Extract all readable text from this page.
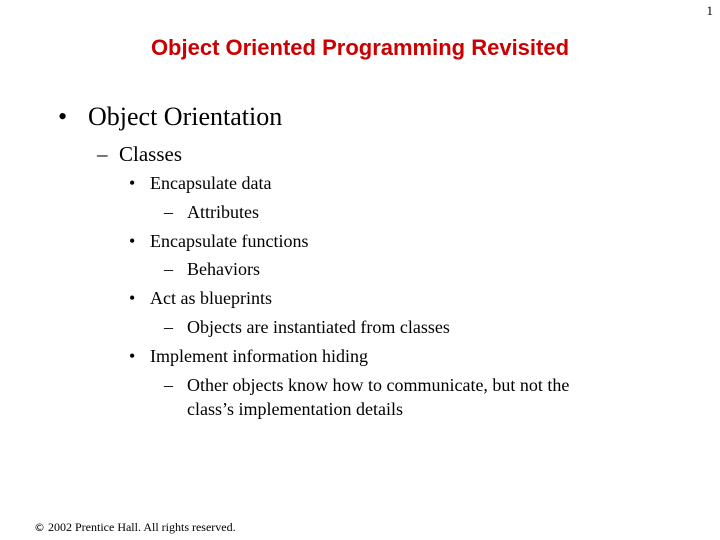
1
Object Oriented Programming Revisited
• Object Orientation
– Classes
• Encapsulate data
– Attributes
• Encapsulate functions
– Behaviors
• Act as blueprints
– Objects are instantiated from classes
• Implement information hiding
– Other objects know how to communicate, but not the
class’s implementation details
© 2002 Prentice Hall. All rights reserved.
